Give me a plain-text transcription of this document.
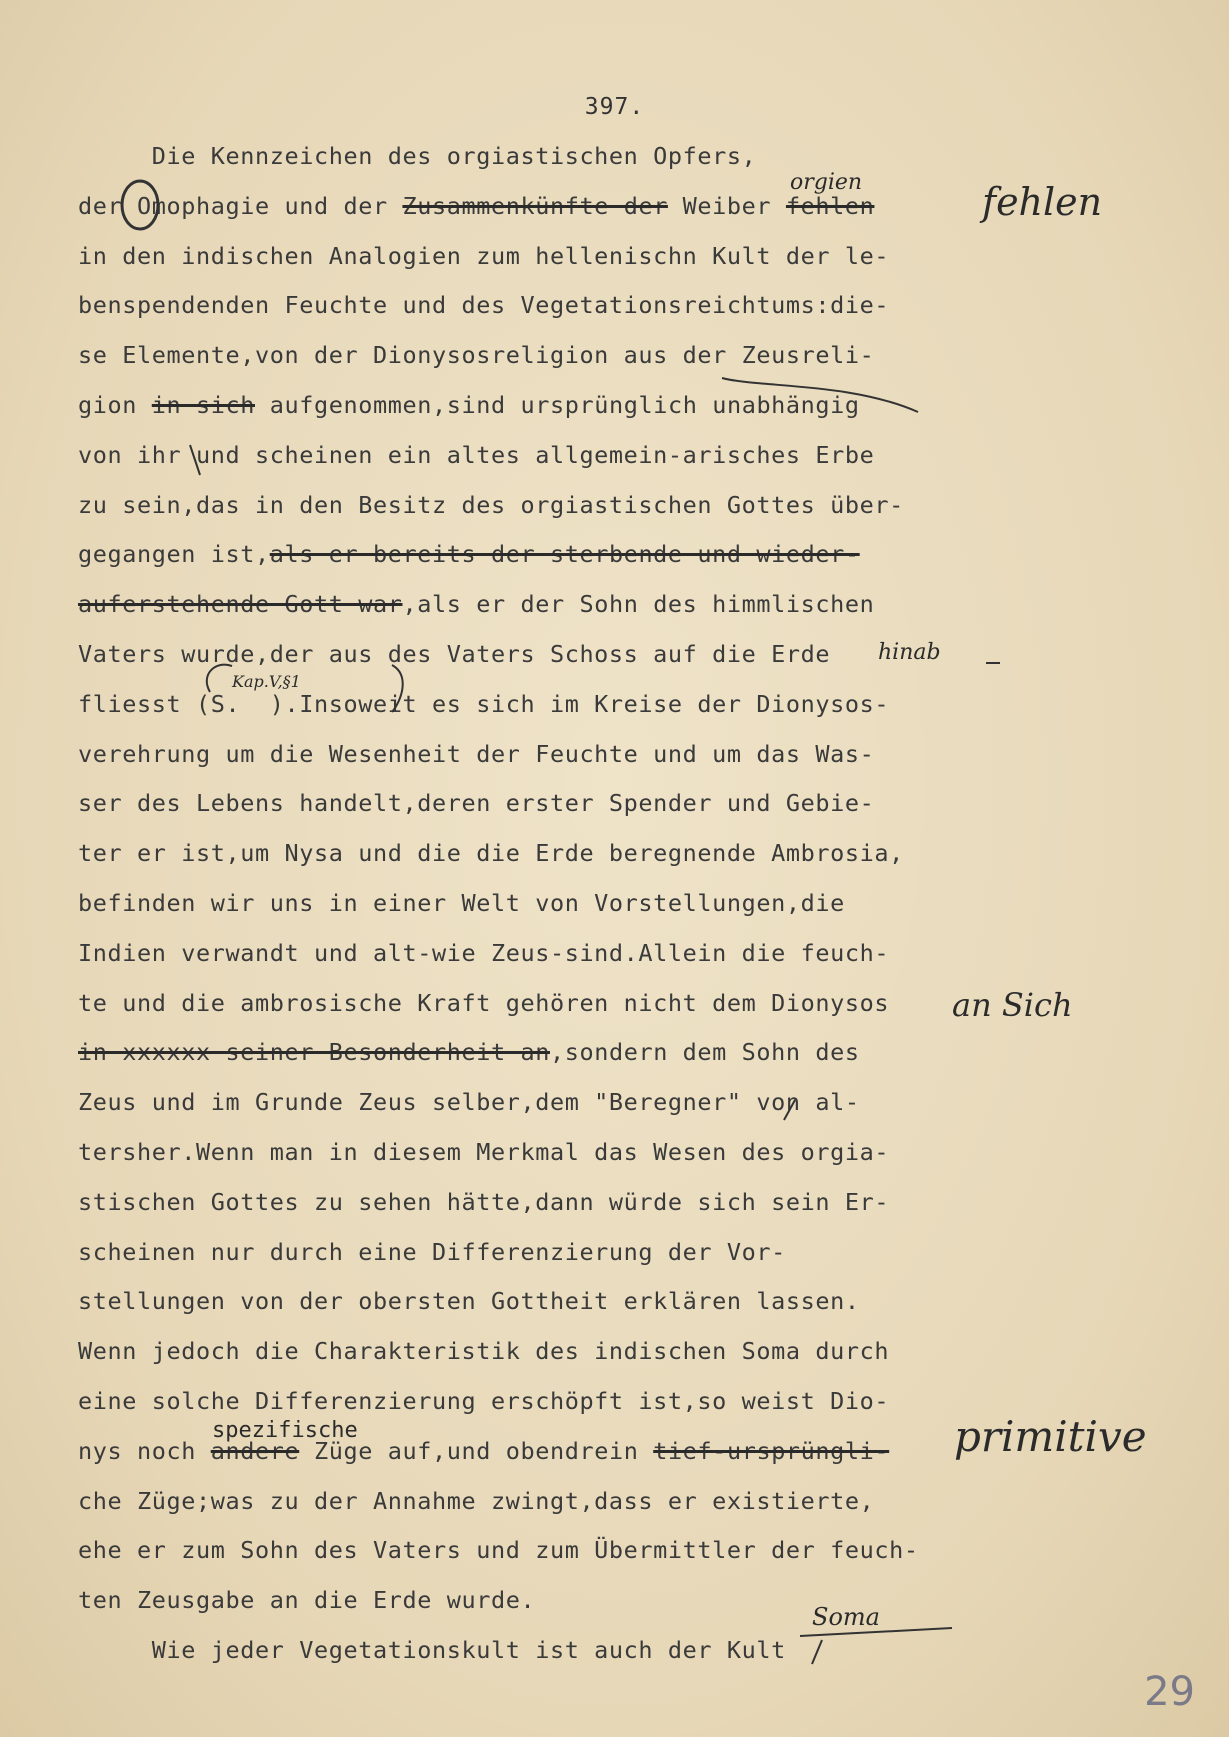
397.
Die Kennzeichen des orgiastischen Opfers,
der Omophagie und der Zusammenkünfte der Weiber fehlen
in den indischen Analogien zum hellenischn Kult der le-
benspendenden Feuchte und des Vegetationsreichtums:die-
se Elemente,von der Dionysosreligion aus der Zeusreli-
gion in sich aufgenommen,sind ursprünglich unabhängig
von ihr und scheinen ein altes allgemein-arisches Erbe
zu sein,das in den Besitz des orgiastischen Gottes über-
gegangen ist,als er bereits der sterbende und wieder-
auferstehende Gott war,als er der Sohn des himmlischen
Vaters wurde,der aus des Vaters Schoss auf die Erde
fliesst (S.  ).Insoweit es sich im Kreise der Dionysos-
verehrung um die Wesenheit der Feuchte und um das Was-
ser des Lebens handelt,deren erster Spender und Gebie-
ter er ist,um Nysa und die die Erde beregnende Ambrosia,
befinden wir uns in einer Welt von Vorstellungen,die
Indien verwandt und alt-wie Zeus-sind.Allein die feuch-
te und die ambrosische Kraft gehören nicht dem Dionysos
in xxxxxx seiner Besonderheit an,sondern dem Sohn des
Zeus und im Grunde Zeus selber,dem "Beregner" von al-
tersher.Wenn man in diesem Merkmal das Wesen des orgia-
stischen Gottes zu sehen hätte,dann würde sich sein Er-
scheinen nur durch eine Differenzierung der Vor-
stellungen von der obersten Gottheit erklären lassen.
Wenn jedoch die Charakteristik des indischen Soma durch
eine solche Differenzierung erschöpft ist,so weist Dio-
nys noch andere Züge auf,und obendrein tief-ursprüngli-
che Züge;was zu der Annahme zwingt,dass er existierte,
ehe er zum Sohn des Vaters und zum Übermittler der feuch-
ten Zeusgabe an die Erde wurde.
Wie jeder Vegetationskult ist auch der Kult
orgien	fehlen
hinab
Kap.V,§1
an Sich
spezifische	primitive
Soma
29
